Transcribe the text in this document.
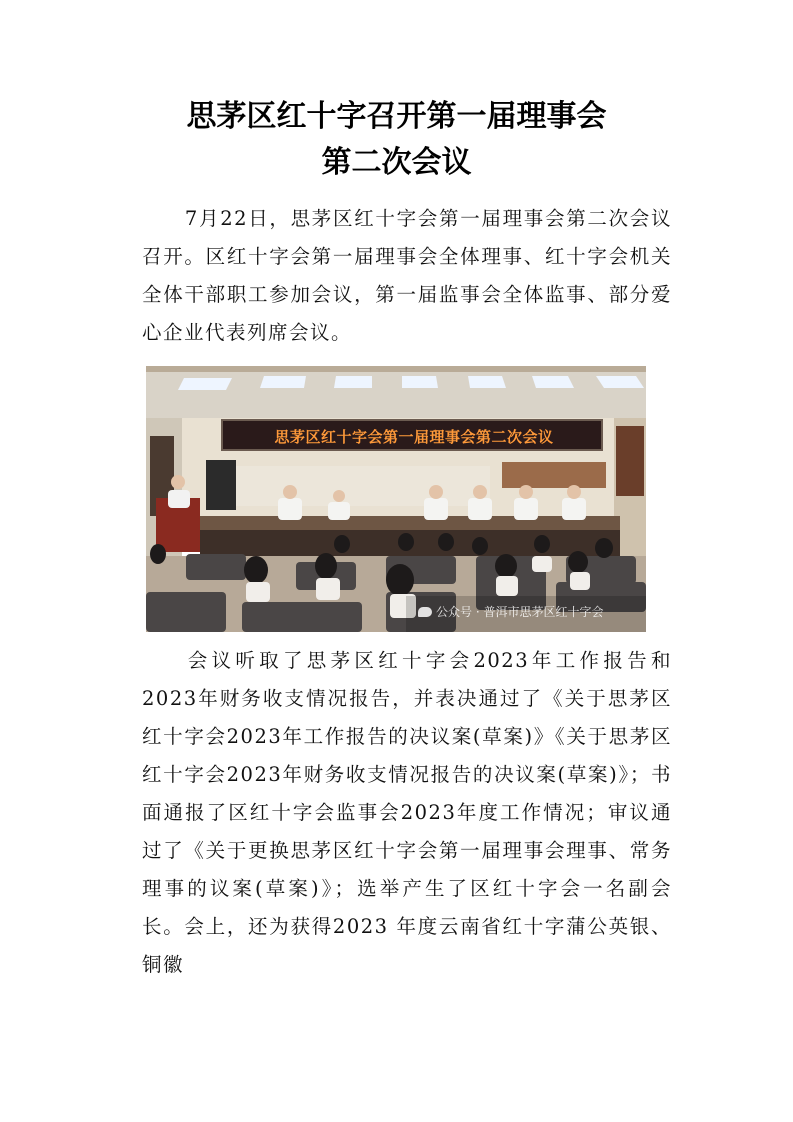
思茅区红十字召开第一届理事会
第二次会议
7月22日，思茅区红十字会第一届理事会第二次会议召开。区红十字会第一届理事会全体理事、红十字会机关全体干部职工参加会议，第一届监事会全体监事、部分爱心企业代表列席会议。
思茅区红十字会第一届理事会第二次会议
公众号 · 普洱市思茅区红十字会
会议听取了思茅区红十字会2023年工作报告和2023年财务收支情况报告，并表决通过了《关于思茅区红十字会2023年工作报告的决议案(草案)》《关于思茅区红十字会2023年财务收支情况报告的决议案(草案)》；书面通报了区红十字会监事会2023年度工作情况；审议通过了《关于更换思茅区红十字会第一届理事会理事、常务理事的议案(草案)》；选举产生了区红十字会一名副会长。会上，还为获得2023 年度云南省红十字蒲公英银、铜徽
